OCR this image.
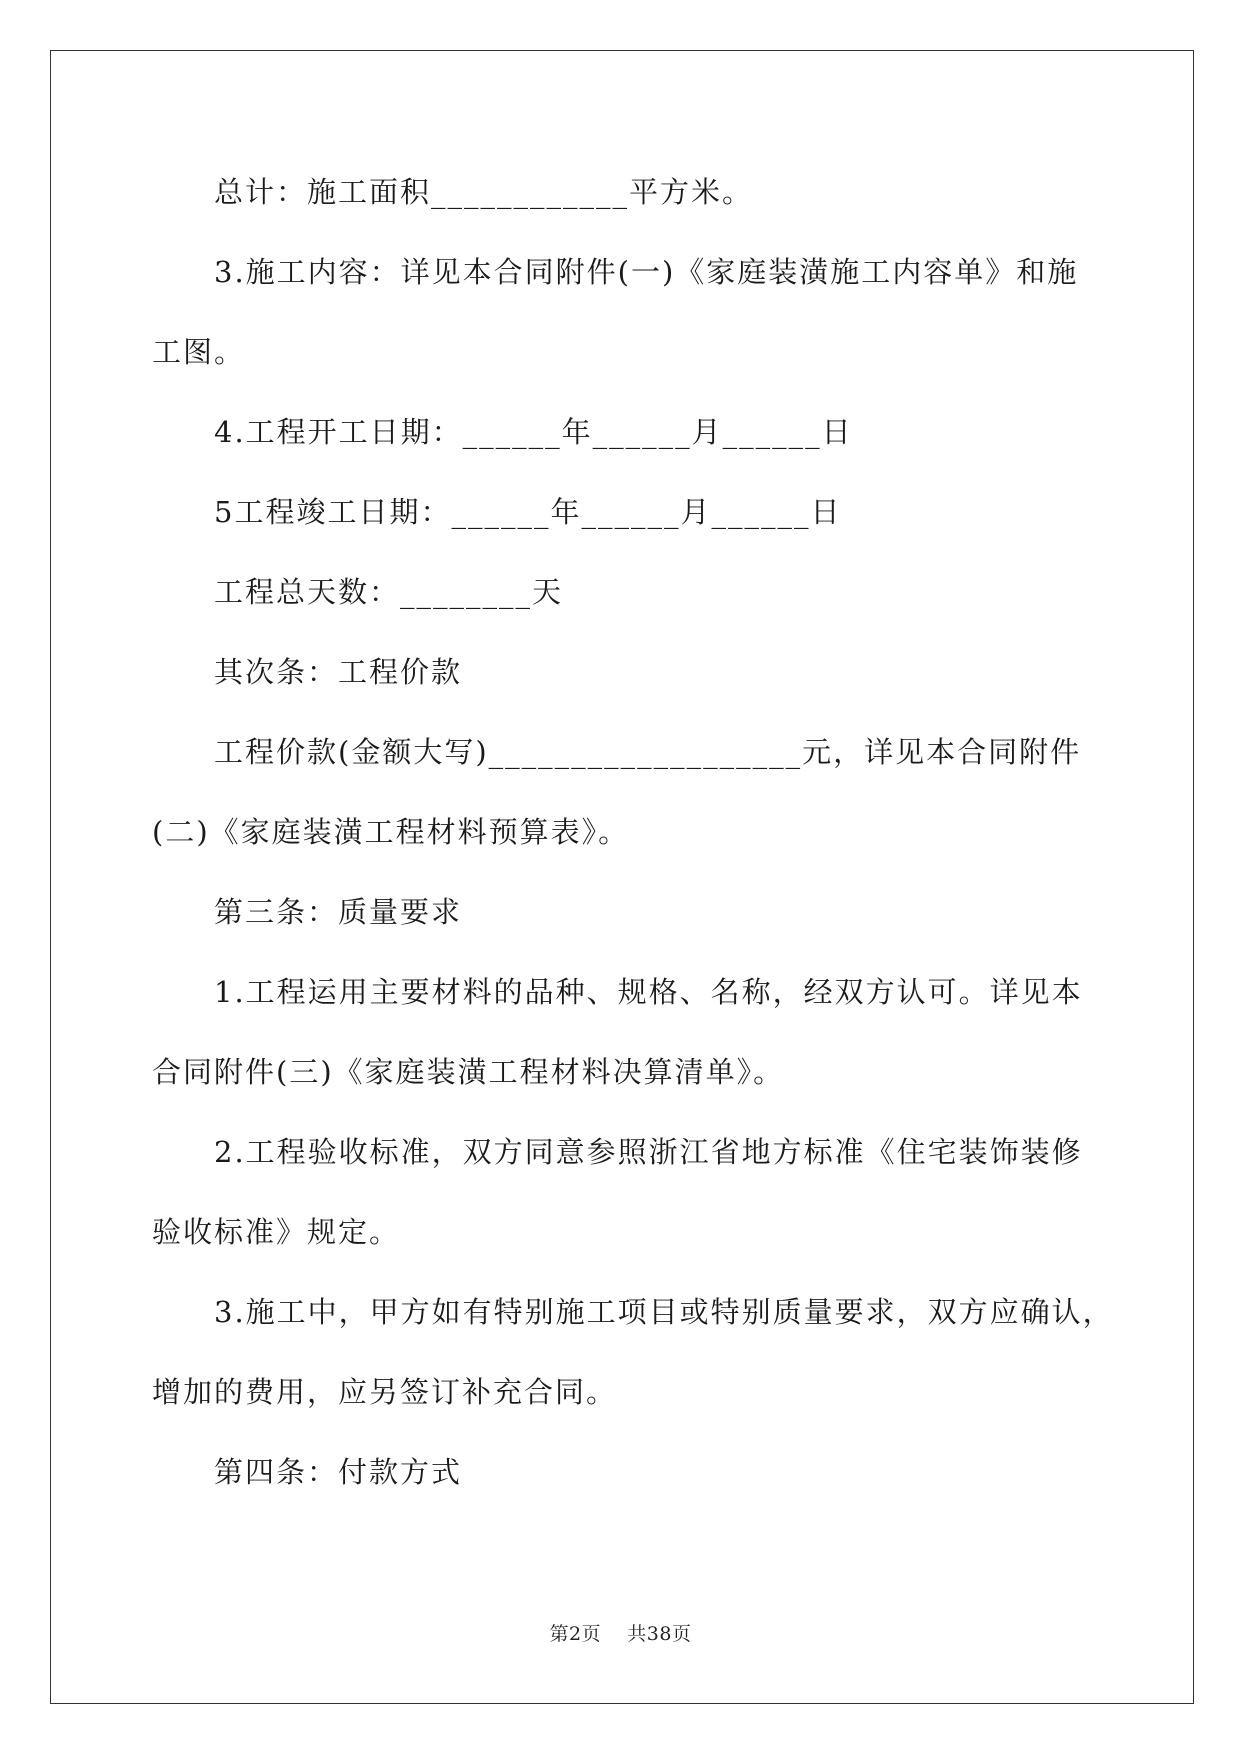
总计：施工面积____________平方米。
3.施工内容：详见本合同附件(一)《家庭装潢施工内容单》和施
工图。
4.工程开工日期：______年______月______日
5工程竣工日期：______年______月______日
工程总天数：________天
其次条：工程价款
工程价款(金额大写)___________________元，详见本合同附件
(二)《家庭装潢工程材料预算表》。
第三条：质量要求
1.工程运用主要材料的品种、规格、名称，经双方认可。详见本
合同附件(三)《家庭装潢工程材料决算清单》。
2.工程验收标准，双方同意参照浙江省地方标准《住宅装饰装修
验收标准》规定。
3.施工中，甲方如有特别施工项目或特别质量要求，双方应确认，
增加的费用，应另签订补充合同。
第四条：付款方式
第2页    共38页
